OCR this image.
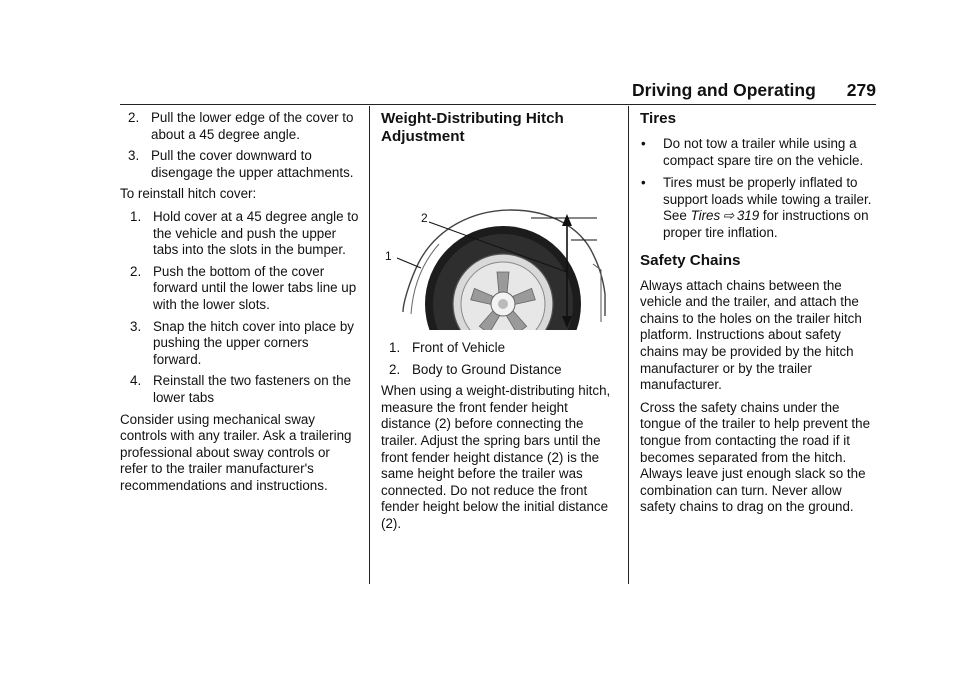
Driving and Operating 279
2. Pull the lower edge of the cover to about a 45 degree angle.
3. Pull the cover downward to disengage the upper attachments.

To reinstall hitch cover:

1. Hold cover at a 45 degree angle to the vehicle and push the upper tabs into the slots in the bumper.
2. Push the bottom of the cover forward until the lower tabs line up with the lower slots.
3. Snap the hitch cover into place by pushing the upper corners forward.
4. Reinstall the two fasteners on the lower tabs

Consider using mechanical sway controls with any trailer. Ask a trailering professional about sway controls or refer to the trailer manufacturer's recommendations and instructions.

Weight-Distributing Hitch Adjustment
2
1
1. Front of Vehicle
2. Body to Ground Distance

When using a weight-distributing hitch, measure the front fender height distance (2) before connecting the trailer. Adjust the spring bars until the front fender height distance (2) is the same height before the trailer was connected. Do not reduce the front fender height below the initial distance (2).

Tires
•	Do not tow a trailer while using a compact spare tire on the vehicle.
•	Tires must be properly inflated to support loads while towing a trailer. See Tires  ⇨  319 for instructions on proper tire inflation.
Safety Chains

Always attach chains between the vehicle and the trailer, and attach the chains to the holes on the trailer hitch platform. Instructions about safety chains may be provided by the hitch manufacturer or by the trailer manufacturer.

Cross the safety chains under the tongue of the trailer to help prevent the tongue from contacting the road if it becomes separated from the hitch. Always leave just enough slack so the combination can turn. Never allow safety chains to drag on the ground.
